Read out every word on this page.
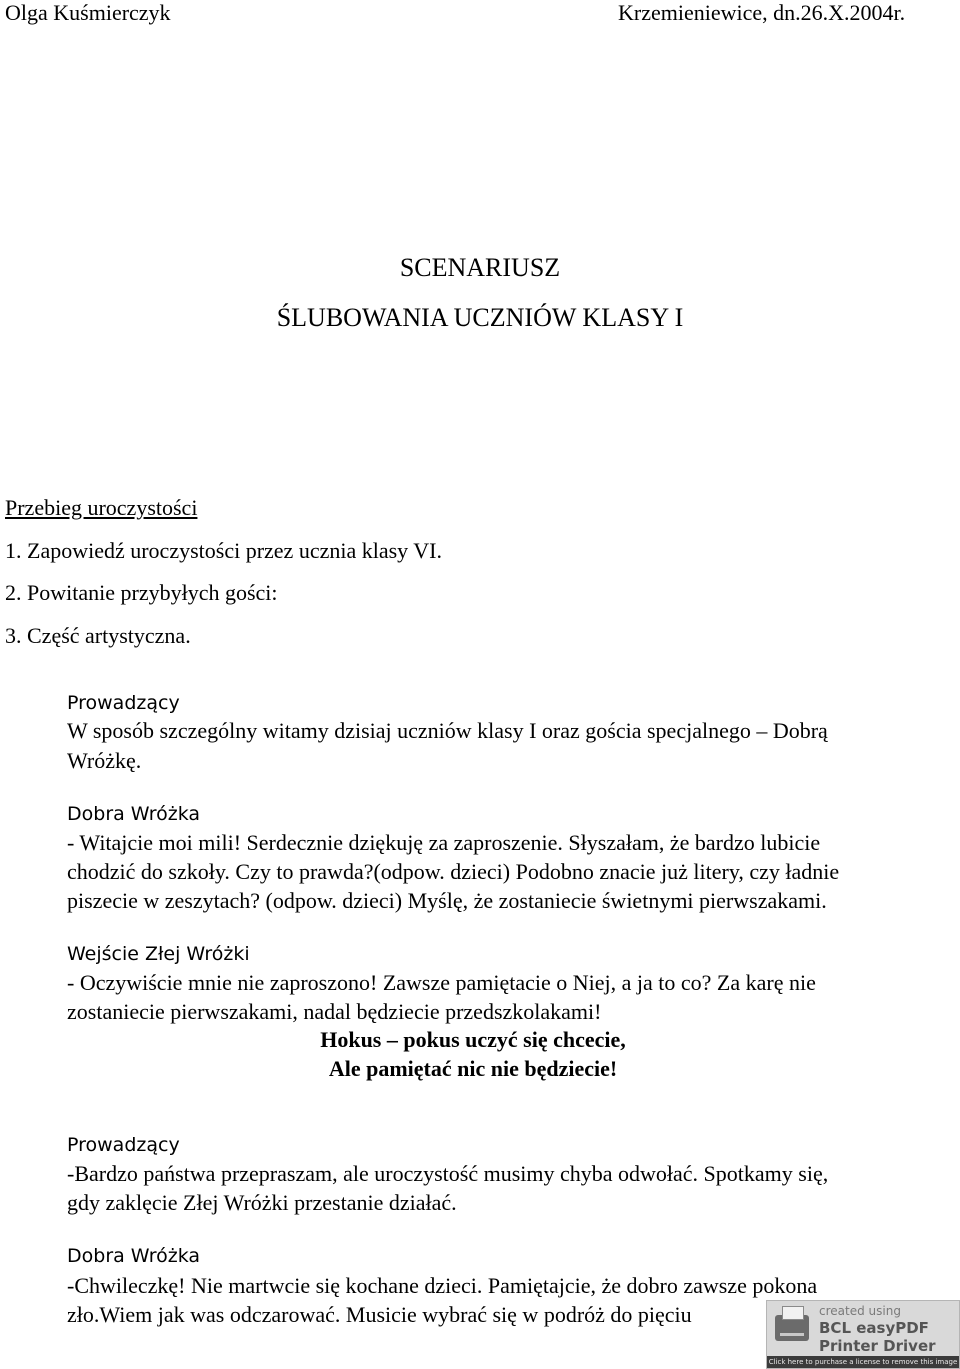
Olga Kuśmierczyk	Krzemieniewice, dn.26.X.2004r.
SCENARIUSZ
ŚLUBOWANIA UCZNIÓW KLASY I
Przebieg uroczystości
1. Zapowiedź uroczystości przez ucznia klasy VI.
2. Powitanie przybyłych gości:
3. Część artystyczna.
Prowadzący
W sposób szczególny witamy dzisiaj uczniów klasy I oraz gościa specjalnego – Dobrą
Wróżkę.
Dobra Wróżka
- Witajcie moi mili! Serdecznie dziękuję za zaproszenie. Słyszałam, że bardzo lubicie
chodzić do szkoły. Czy to prawda?(odpow. dzieci) Podobno znacie już litery, czy ładnie
piszecie w zeszytach? (odpow. dzieci) Myślę, że zostaniecie świetnymi pierwszakami.
Wejście Złej Wróżki
- Oczywiście mnie nie zaproszono! Zawsze pamiętacie o Niej, a ja to co? Za karę nie
zostaniecie pierwszakami, nadal będziecie przedszkolakami!
Hokus – pokus uczyć się chcecie,
Ale pamiętać nic nie będziecie!
Prowadzący
-Bardzo państwa przepraszam, ale uroczystość musimy chyba odwołać. Spotkamy się,
gdy zaklęcie Złej Wróżki przestanie działać.
Dobra Wróżka
-Chwileczkę! Nie martwcie się kochane dzieci. Pamiętajcie, że dobro zawsze pokona
zło.Wiem jak was odczarować. Musicie wybrać się w podróż do pięciu	created using
BCL easyPDF
Printer Driver
Click here to purchase a license to remove this image
